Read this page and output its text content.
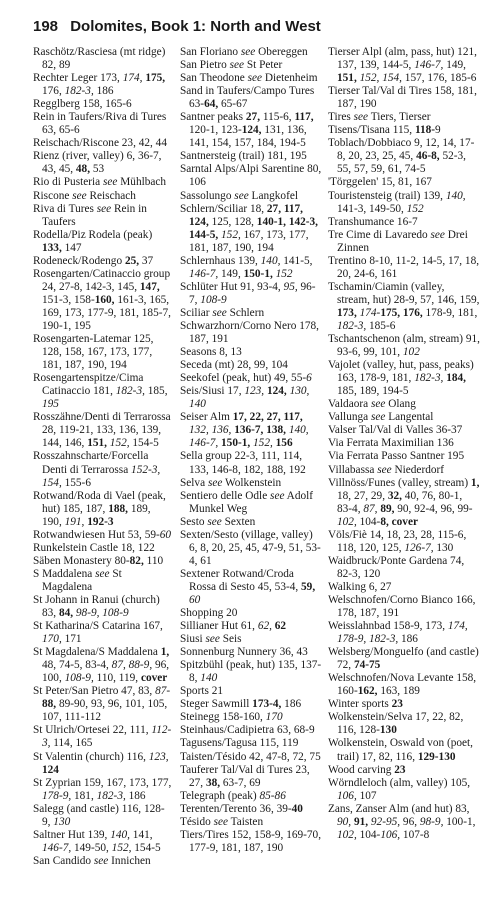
198 Dolomites, Book 1: North and West

Raschötz/Rasciesa (mt ridge) 82, 89

Rechter Leger 173, 174, 175, 176, 182-3, 186

Regglberg 158, 165-6

Rein in Taufers/Riva di Tures 63, 65-6

Reischach/Riscone 23, 42, 44

Rienz (river, valley) 6, 36-7, 43, 45, 48, 53

Rio di Pusteria see Mühlbach

Riscone see Reischach

Riva di Tures see Rein in Taufers

Rodella/Piz Rodela (peak) 133, 147

Rodeneck/Rodengo 25, 37

Rosengarten/Catinaccio group 24, 27-8, 142-3, 145, 147, 151-3, 158-160, 161-3, 165, 169, 173, 177-9, 181, 185-7, 190-1, 195

Rosengarten-Latemar 125, 128, 158, 167, 173, 177, 181, 187, 190, 194

Rosengartenspitze/Cima Catinaccio 181, 182-3, 185, 195

Rosszähne/Denti di Terrarossa 28, 119-21, 133, 136, 139, 144, 146, 151, 152, 154-5

Rosszahnscharte/Forcella Denti di Terrarossa 152-3, 154, 155-6

Rotwand/Roda di Vael (peak, hut) 185, 187, 188, 189, 190, 191, 192-3

Rotwandwiesen Hut 53, 59-60

Runkelstein Castle 18, 122

Säben Monastery 80-82, 110

S Maddalena see St Magdalena

St Johann in Ranui (church) 83, 84, 98-9, 108-9

St Katharina/S Catarina 167, 170, 171

St Magdalena/S Maddalena 1, 48, 74-5, 83-4, 87, 88-9, 96, 100, 108-9, 110, 119, cover

St Peter/San Pietro 47, 83, 87-88, 89-90, 93, 96, 101, 105, 107, 111-112

St Ulrich/Ortesei 22, 111, 112-3, 114, 165

St Valentin (church) 116, 123, 124

St Zyprian 159, 167, 173, 177, 178-9, 181, 182-3, 186

Salegg (and castle) 116, 128-9, 130

Saltner Hut 139, 140, 141, 146-7, 149-50, 152, 154-5

San Candido see Innichen

San Floriano see Obereggen

San Pietro see St Peter

San Theodone see Dietenheim

Sand in Taufers/Campo Tures 63-64, 65-67

Santner peaks 27, 115-6, 117, 120-1, 123-124, 131, 136, 141, 154, 157, 184, 194-5

Santnersteig (trail) 181, 195

Sarntal Alps/Alpi Sarentine 80, 106

Sassolungo see Langkofel

Schlern/Sciliar 18, 27, 117, 124, 125, 128, 140-1, 142-3, 144-5, 152, 167, 173, 177, 181, 187, 190, 194

Schlernhaus 139, 140, 141-5, 146-7, 149, 150-1, 152

Schlüter Hut 91, 93-4, 95, 96-7, 108-9

Sciliar see Schlern

Schwarzhorn/Corno Nero 178, 187, 191

Seasons 8, 13

Seceda (mt) 28, 99, 104

Seekofel (peak, hut) 49, 55-6

Seis/Siusi 17, 123, 124, 130, 140

Seiser Alm 17, 22, 27, 117, 132, 136, 136-7, 138, 140, 146-7, 150-1, 152, 156

Sella group 22-3, 111, 114, 133, 146-8, 182, 188, 192

Selva see Wolkenstein

Sentiero delle Odle see Adolf Munkel Weg

Sesto see Sexten

Sexten/Sesto (village, valley) 6, 8, 20, 25, 45, 47-9, 51, 53-4, 61

Sextener Rotwand/Croda Rossa di Sesto 45, 53-4, 59, 60

Shopping 20

Sillianer Hut 61, 62, 62

Siusi see Seis

Sonnenburg Nunnery 36, 43

Spitzbühl (peak, hut) 135, 137-8, 140

Sports 21

Steger Sawmill 173-4, 186

Steinegg 158-160, 170

Steinhaus/Cadipietra 63, 68-9

Tagusens/Tagusa 115, 119

Taisten/Tésido 42, 47-8, 72, 75

Tauferer Tal/Val di Tures 23, 27, 38, 63-7, 69

Telegraph (peak) 85-86

Terenten/Terento 36, 39-40

Tésido see Taisten

Tiers/Tires 152, 158-9, 169-70, 177-9, 181, 187, 190

Tierser Alpl (alm, pass, hut) 121, 137, 139, 144-5, 146-7, 149, 151, 152, 154, 157, 176, 185-6

Tierser Tal/Val di Tires 158, 181, 187, 190

Tires see Tiers, Tierser

Tisens/Tisana 115, 118-9

Toblach/Dobbiaco 9, 12, 14, 17-8, 20, 23, 25, 45, 46-8, 52-3, 55, 57, 59, 61, 74-5

'Törggelen' 15, 81, 167

Touristensteig (trail) 139, 140, 141-3, 149-50, 152

Transhumance 16-7

Tre Cime di Lavaredo see Drei Zinnen

Trentino 8-10, 11-2, 14-5, 17, 18, 20, 24-6, 161

Tschamin/Ciamin (valley, stream, hut) 28-9, 57, 146, 159, 173, 174-175, 176, 178-9, 181, 182-3, 185-6

Tschantschenon (alm, stream) 91, 93-6, 99, 101, 102

Vajolet (valley, hut, pass, peaks) 163, 178-9, 181, 182-3, 184, 185, 189, 194-5

Valdaora see Olang

Vallunga see Langental

Valser Tal/Val di Valles 36-37

Via Ferrata Maximilian 136

Via Ferrata Passo Santner 195

Villabassa see Niederdorf

Villnöss/Funes (valley, stream) 1, 18, 27, 29, 32, 40, 76, 80-1, 83-4, 87, 89, 90, 92-4, 96, 99-102, 104-8, cover

Völs/Fiè 14, 18, 23, 28, 115-6, 118, 120, 125, 126-7, 130

Waidbruck/Ponte Gardena 74, 82-3, 120

Walking 6, 27

Welschnofen/Corno Bianco 166, 178, 187, 191

Weisslahnbad 158-9, 173, 174, 178-9, 182-3, 186

Welsberg/Monguelfo (and castle) 72, 74-75

Welschnofen/Nova Levante 158, 160-162, 163, 189

Winter sports 23

Wolkenstein/Selva 17, 22, 82, 116, 128-130

Wolkenstein, Oswald von (poet, trail) 17, 82, 116, 129-130

Wood carving 23

Wörndleloch (alm, valley) 105, 106, 107

Zans, Zanser Alm (and hut) 83, 90, 91, 92-95, 96, 98-9, 100-1, 102, 104-106, 107-8
